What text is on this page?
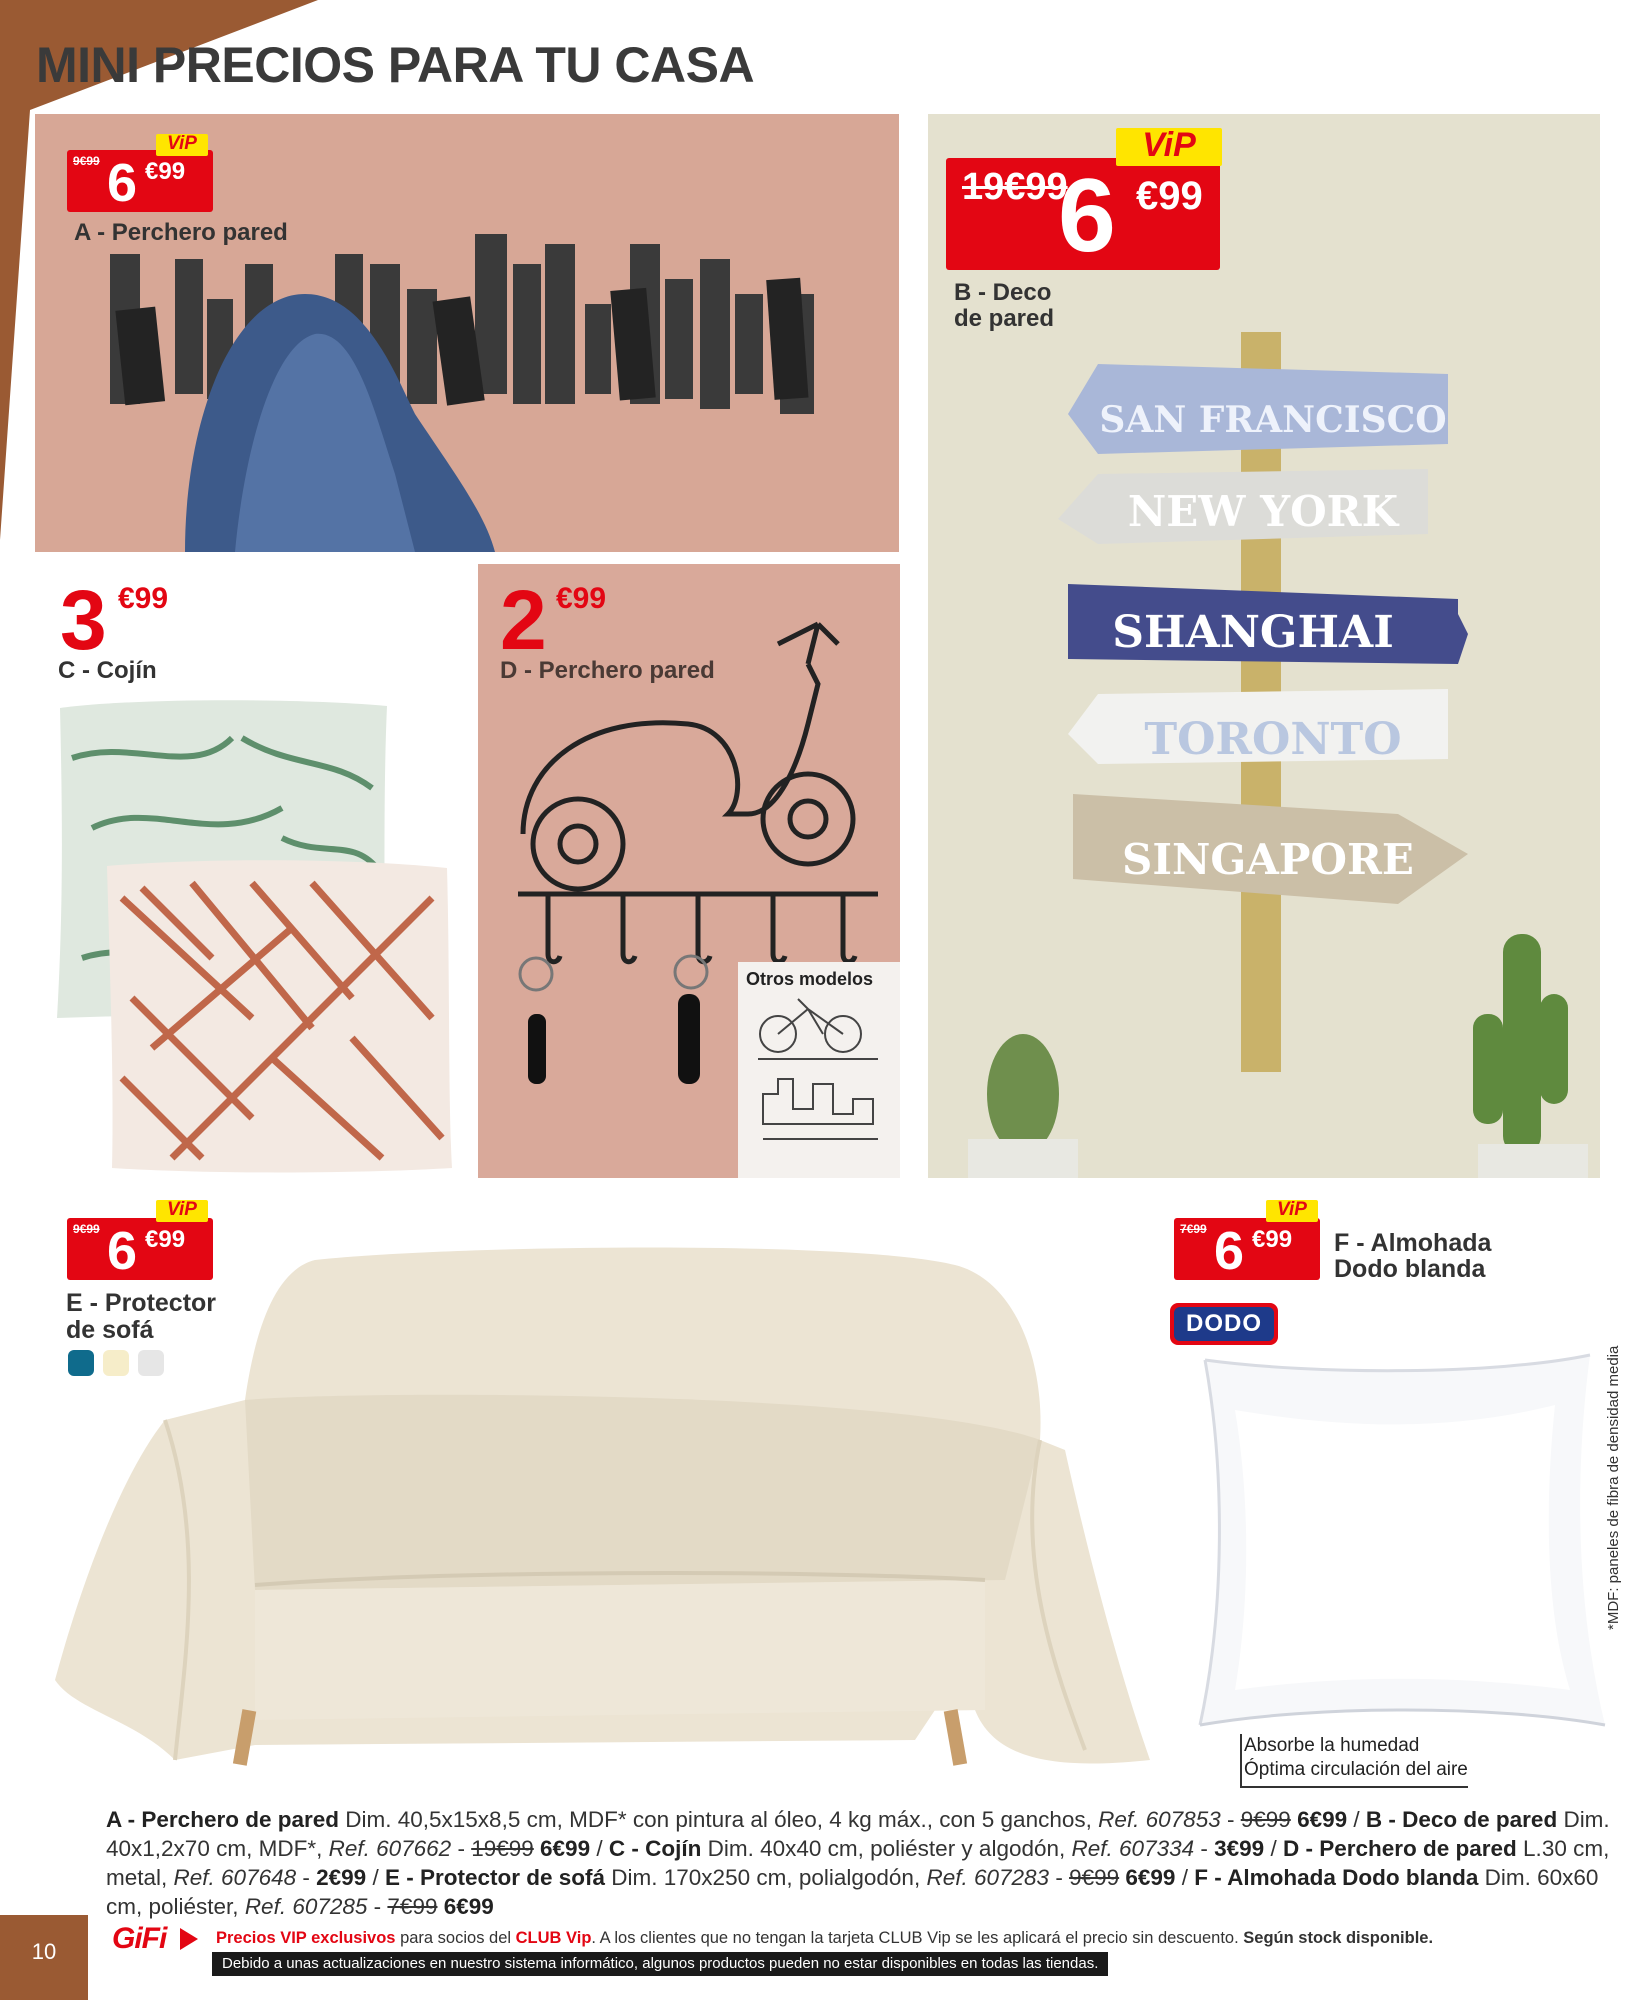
MINI PRECIOS PARA TU CASA
9€99 6 €99
ViP
A - Perchero pared
SAN FRANCISCO
NEW YORK
SHANGHAI
TORONTO
SINGAPORE
19€99
6 €99
ViP
B - Deco
de pared
3 €99
C - Cojín
2 €99
D - Perchero pared
Otros modelos
9€99 6 €99
ViP
E - Protector
de sofá
7€99 6 €99
ViP
F - Almohada
Dodo blanda
DODO
Absorbe la humedad
Óptima circulación del aire
*MDF: paneles de fibra de densidad media
A - Perchero de pared Dim. 40,5x15x8,5 cm, MDF* con pintura al óleo, 4 kg máx., con 5 ganchos, Ref. 607853 - 9€99 6€99 / B - Deco de pared Dim. 40x1,2x70 cm, MDF*, Ref. 607662 - 19€99 6€99 / C - Cojín Dim. 40x40 cm, poliéster y algodón, Ref. 607334 - 3€99 / D - Perchero de pared L.30 cm, metal, Ref. 607648 - 2€99 / E - Protector de sofá Dim. 170x250 cm, polialgodón, Ref. 607283 - 9€99 6€99 / F - Almohada Dodo blanda Dim. 60x60 cm, poliéster, Ref. 607285 - 7€99 6€99
10	GiFi	Precios VIP exclusivos para socios del CLUB Vip. A los clientes que no tengan la tarjeta CLUB Vip se les aplicará el precio sin descuento. Según stock disponible.
Debido a unas actualizaciones en nuestro sistema informático, algunos productos pueden no estar disponibles en todas las tiendas.
